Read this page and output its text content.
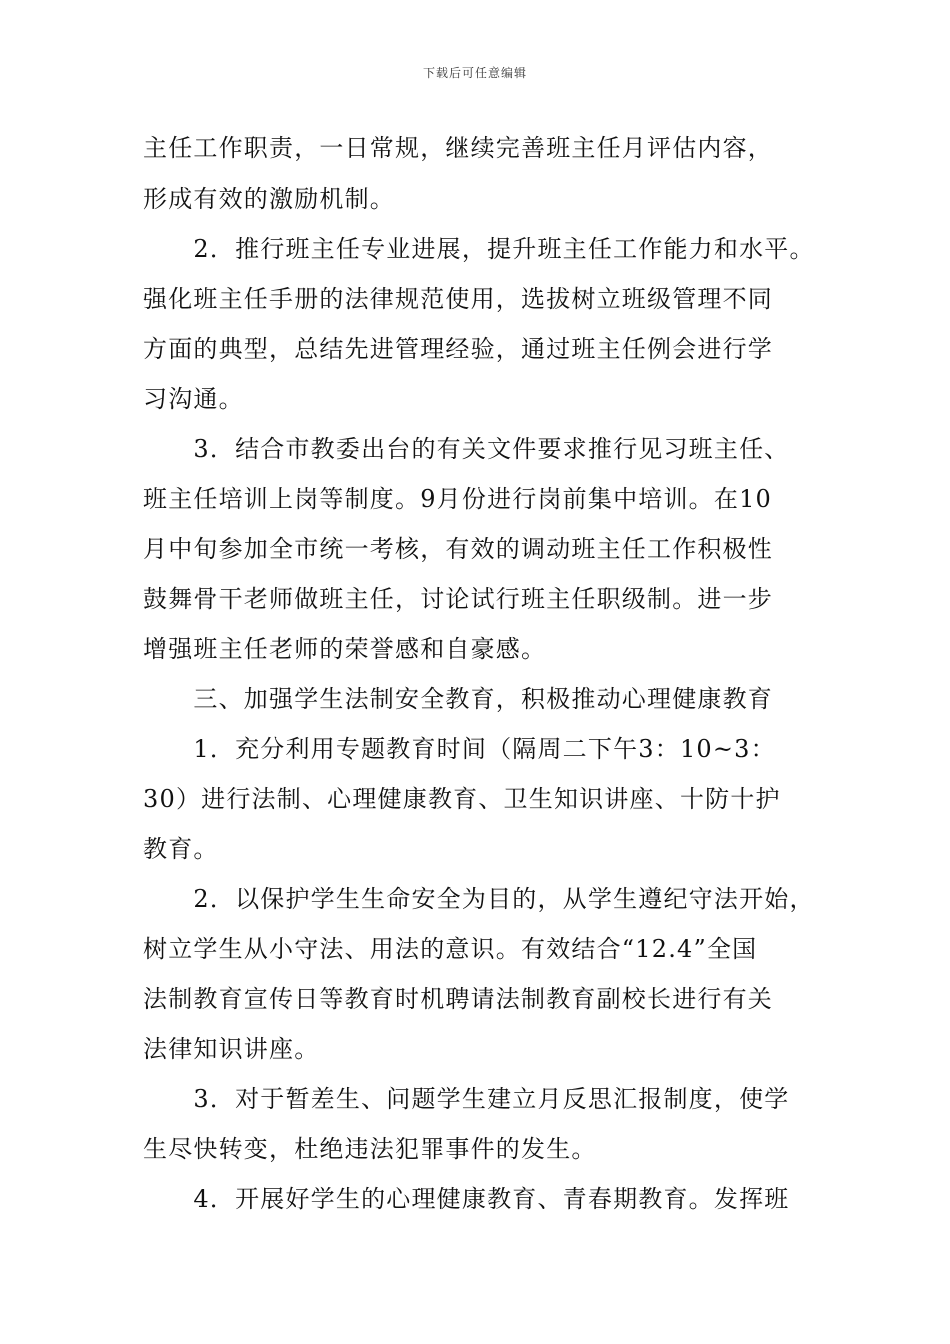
下载后可任意编辑
主任工作职责，一日常规，继续完善班主任月评估内容，
形成有效的激励机制。
　　2．推行班主任专业进展，提升班主任工作能力和水平。
强化班主任手册的法律规范使用，选拔树立班级管理不同
方面的典型，总结先进管理经验，通过班主任例会进行学
习沟通。
　　3．结合市教委出台的有关文件要求推行见习班主任、
班主任培训上岗等制度。9月份进行岗前集中培训。在10
月中旬参加全市统一考核，有效的调动班主任工作积极性
鼓舞骨干老师做班主任，讨论试行班主任职级制。进一步
增强班主任老师的荣誉感和自豪感。
　　三、加强学生法制安全教育，积极推动心理健康教育
　　1．充分利用专题教育时间（隔周二下午3：10~3：
30）进行法制、心理健康教育、卫生知识讲座、十防十护
教育。
　　2．以保护学生生命安全为目的，从学生遵纪守法开始，
树立学生从小守法、用法的意识。有效结合“12.4”全国
法制教育宣传日等教育时机聘请法制教育副校长进行有关
法律知识讲座。
　　3．对于暂差生、问题学生建立月反思汇报制度，使学
生尽快转变，杜绝违法犯罪事件的发生。
　　4．开展好学生的心理健康教育、青春期教育。发挥班
